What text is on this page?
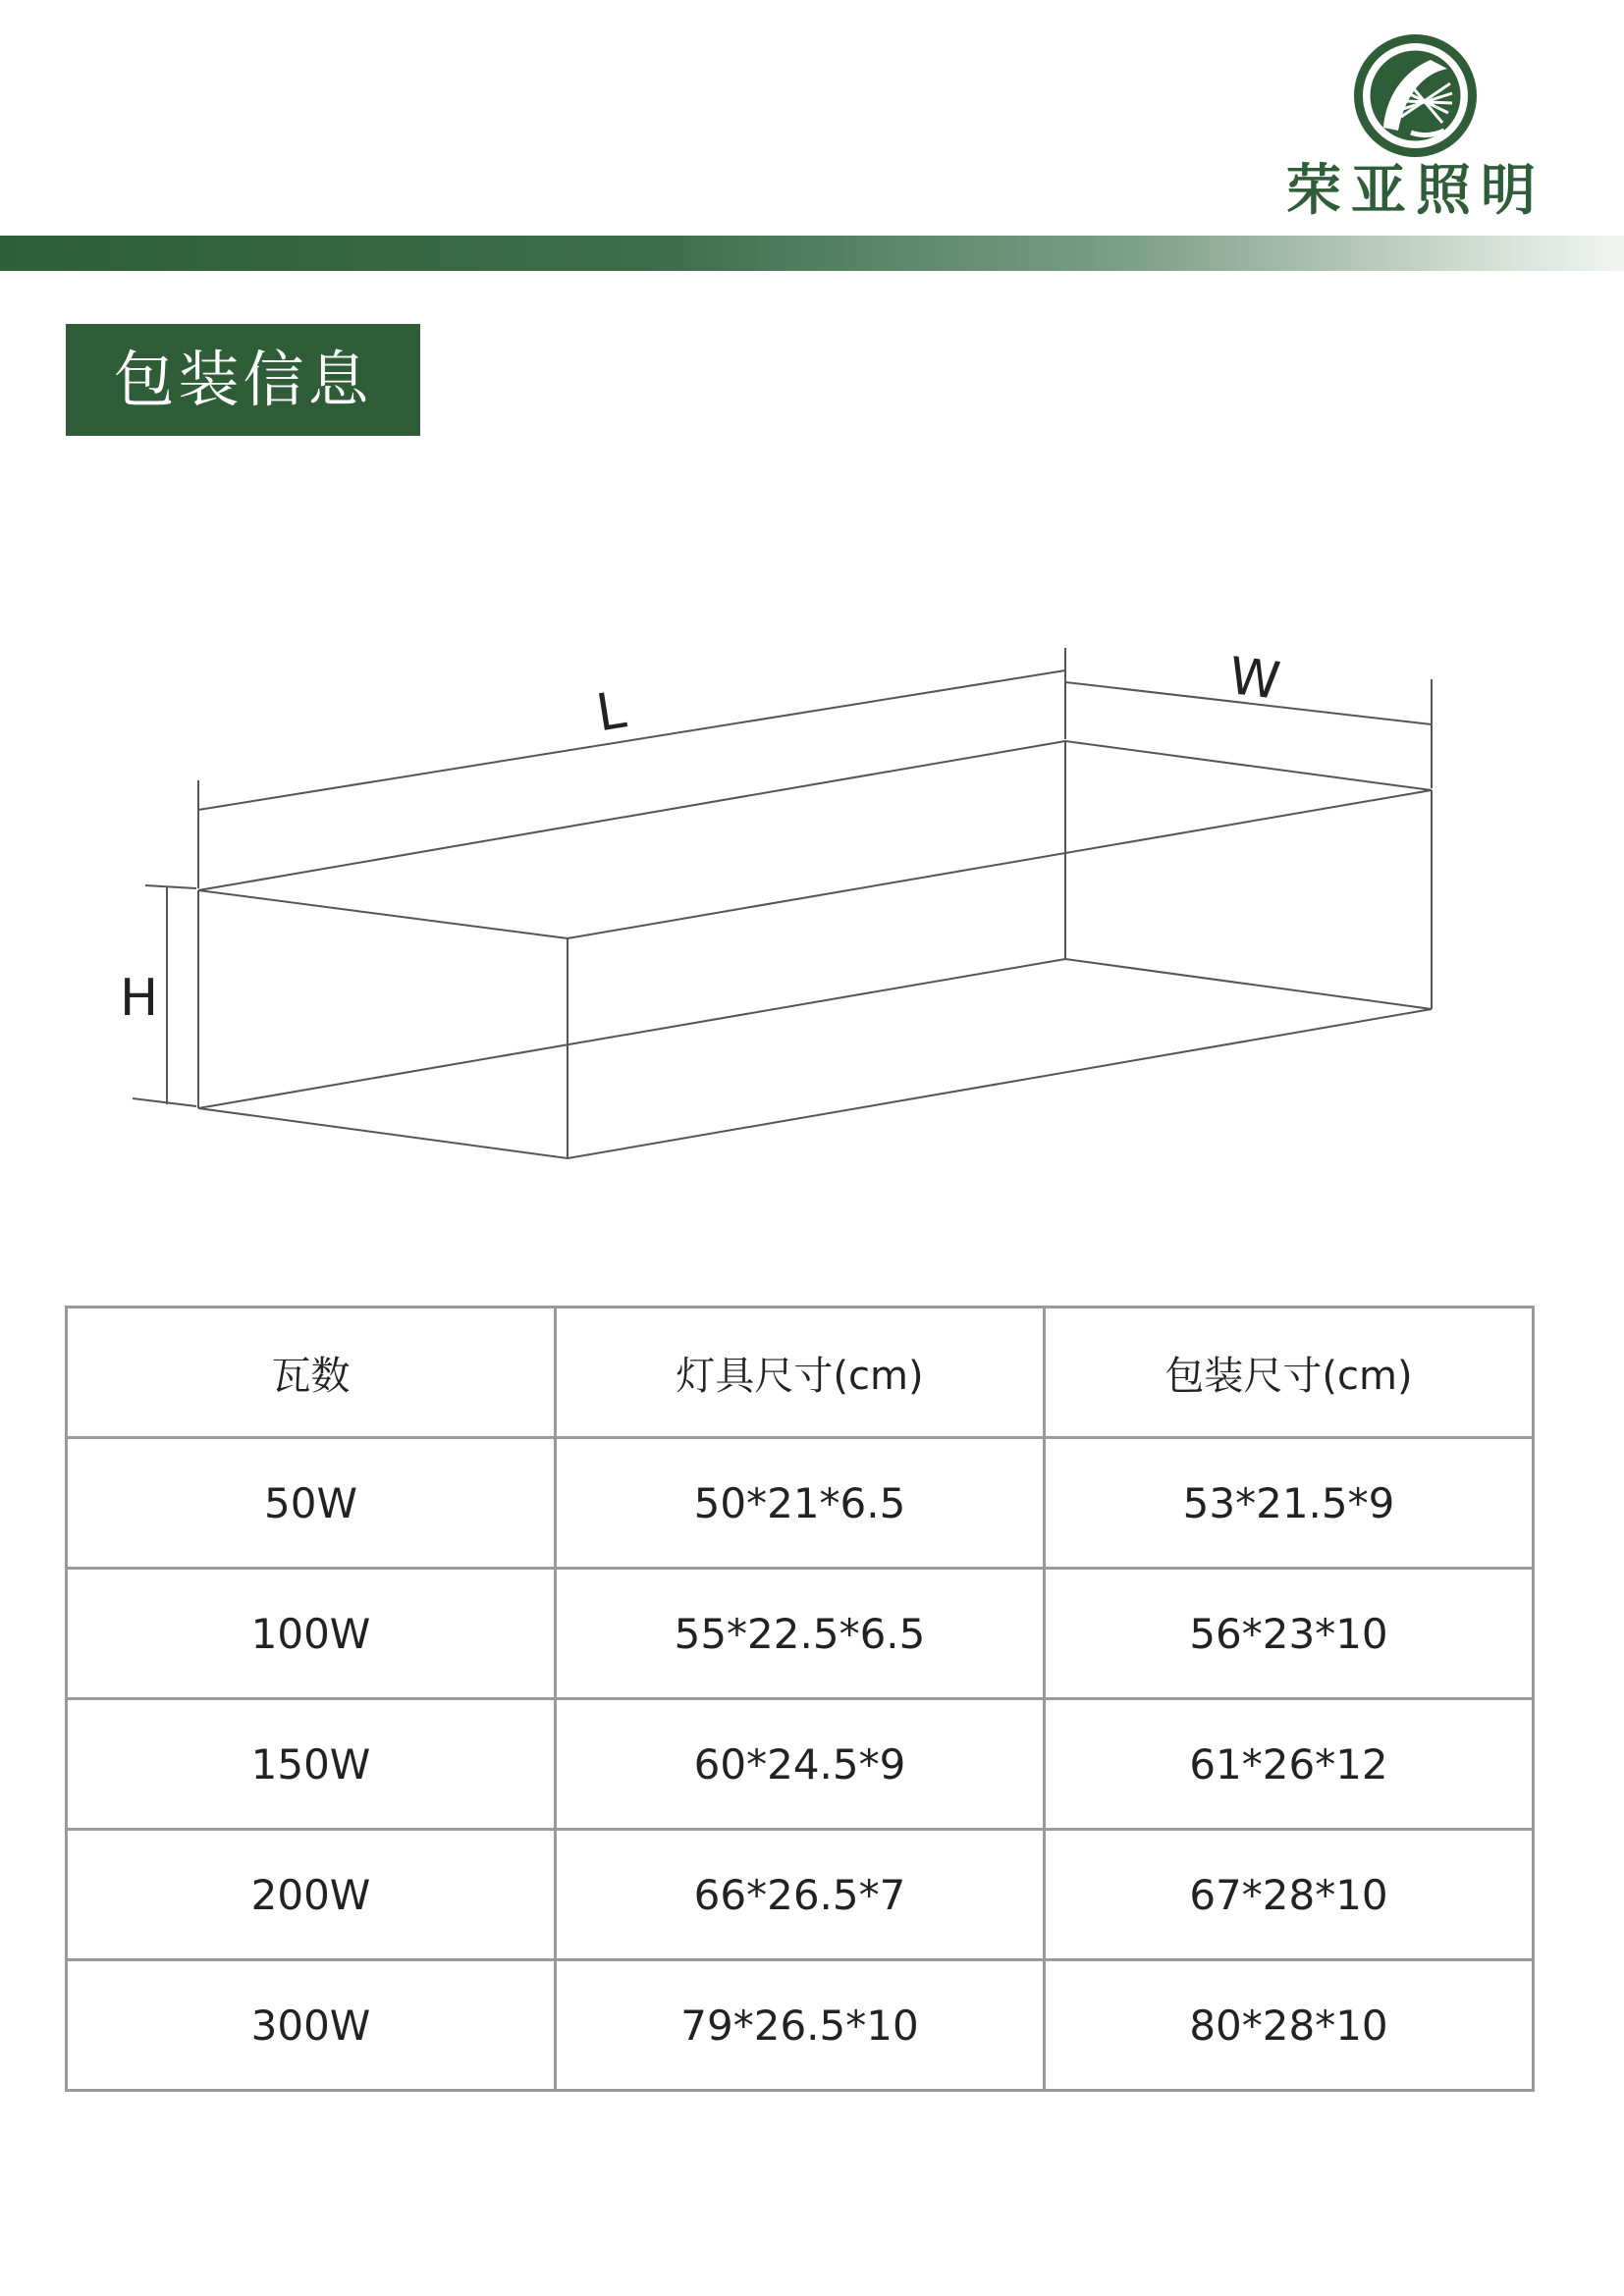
荣亚照明
包装信息
L
W
H
瓦数	灯具尺寸(cm)	包装尺寸(cm)
50W	50*21*6.5	53*21.5*9
100W	55*22.5*6.5	56*23*10
150W	60*24.5*9	61*26*12
200W	66*26.5*7	67*28*10
300W	79*26.5*10	80*28*10
